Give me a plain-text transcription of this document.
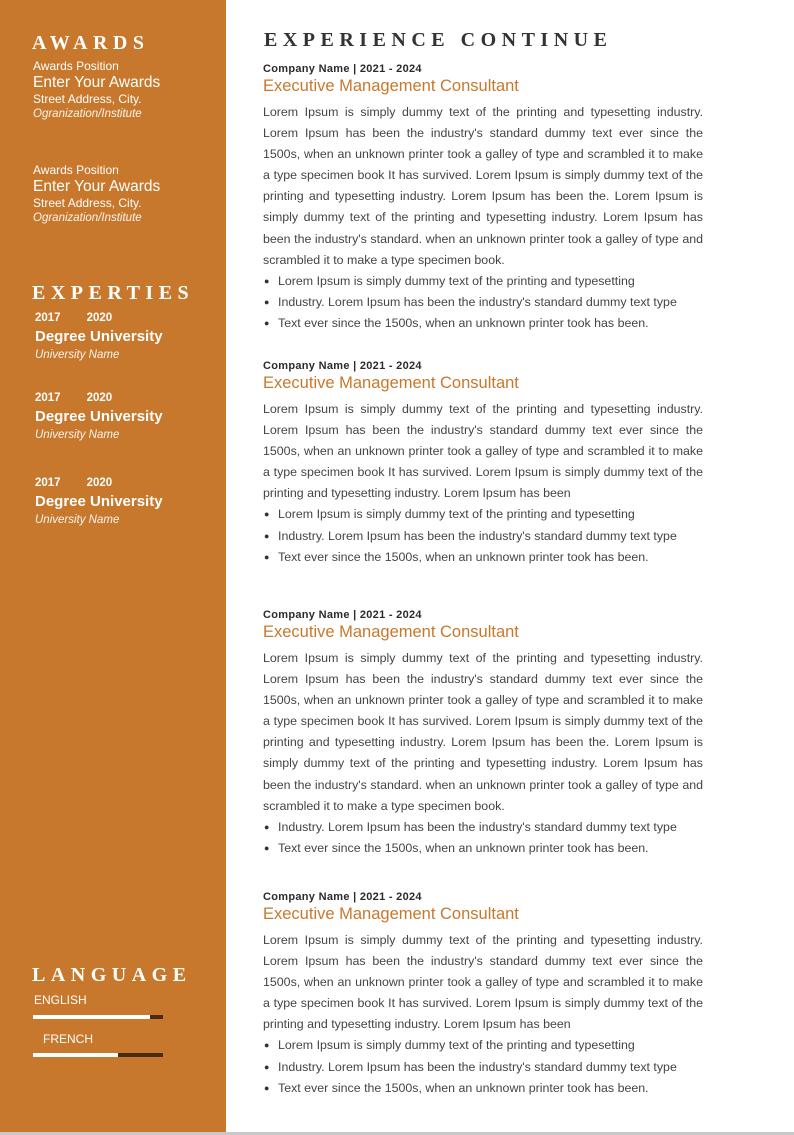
AWARDS
Awards Position
Enter Your Awards
Street Address, City.
Ogranization/Institute
Awards Position
Enter Your Awards
Street Address, City.
Ogranization/Institute
EXPERTIES
2017 2020
Degree University
University Name
2017 2020
Degree University
University Name
2017 2020
Degree University
University Name
LANGUAGE
ENGLISH
FRENCH
EXPERIENCE CONTINUE
Company Name | 2021 - 2024
Executive Management Consultant
Lorem Ipsum is simply dummy text of the printing and typesetting industry. Lorem Ipsum has been the industry's standard dummy text ever since the 1500s, when an unknown printer took a galley of type and scrambled it to make a type specimen book It has survived. Lorem Ipsum is simply dummy text of the printing and typesetting industry. Lorem Ipsum has been the. Lorem Ipsum is simply dummy text of the printing and typesetting industry. Lorem Ipsum has been the industry's standard. when an unknown printer took a galley of type and scrambled it to make a type specimen book.
● Lorem Ipsum is simply dummy text of the printing and typesetting
● Industry. Lorem Ipsum has been the industry's standard dummy text type
● Text ever since the 1500s, when an unknown printer took has been.
Company Name | 2021 - 2024
Executive Management Consultant
Lorem Ipsum is simply dummy text of the printing and typesetting industry. Lorem Ipsum has been the industry's standard dummy text ever since the 1500s, when an unknown printer took a galley of type and scrambled it to make a type specimen book It has survived. Lorem Ipsum is simply dummy text of the printing and typesetting industry. Lorem Ipsum has been
● Lorem Ipsum is simply dummy text of the printing and typesetting
● Industry. Lorem Ipsum has been the industry's standard dummy text type
● Text ever since the 1500s, when an unknown printer took has been.
Company Name | 2021 - 2024
Executive Management Consultant
Lorem Ipsum is simply dummy text of the printing and typesetting industry. Lorem Ipsum has been the industry's standard dummy text ever since the 1500s, when an unknown printer took a galley of type and scrambled it to make a type specimen book It has survived. Lorem Ipsum is simply dummy text of the printing and typesetting industry. Lorem Ipsum has been the. Lorem Ipsum is simply dummy text of the printing and typesetting industry. Lorem Ipsum has been the industry's standard. when an unknown printer took a galley of type and scrambled it to make a type specimen book.
● Industry. Lorem Ipsum has been the industry's standard dummy text type
● Text ever since the 1500s, when an unknown printer took has been.
Company Name | 2021 - 2024
Executive Management Consultant
Lorem Ipsum is simply dummy text of the printing and typesetting industry. Lorem Ipsum has been the industry's standard dummy text ever since the 1500s, when an unknown printer took a galley of type and scrambled it to make a type specimen book It has survived. Lorem Ipsum is simply dummy text of the printing and typesetting industry. Lorem Ipsum has been
● Lorem Ipsum is simply dummy text of the printing and typesetting
● Industry. Lorem Ipsum has been the industry's standard dummy text type
● Text ever since the 1500s, when an unknown printer took has been.
